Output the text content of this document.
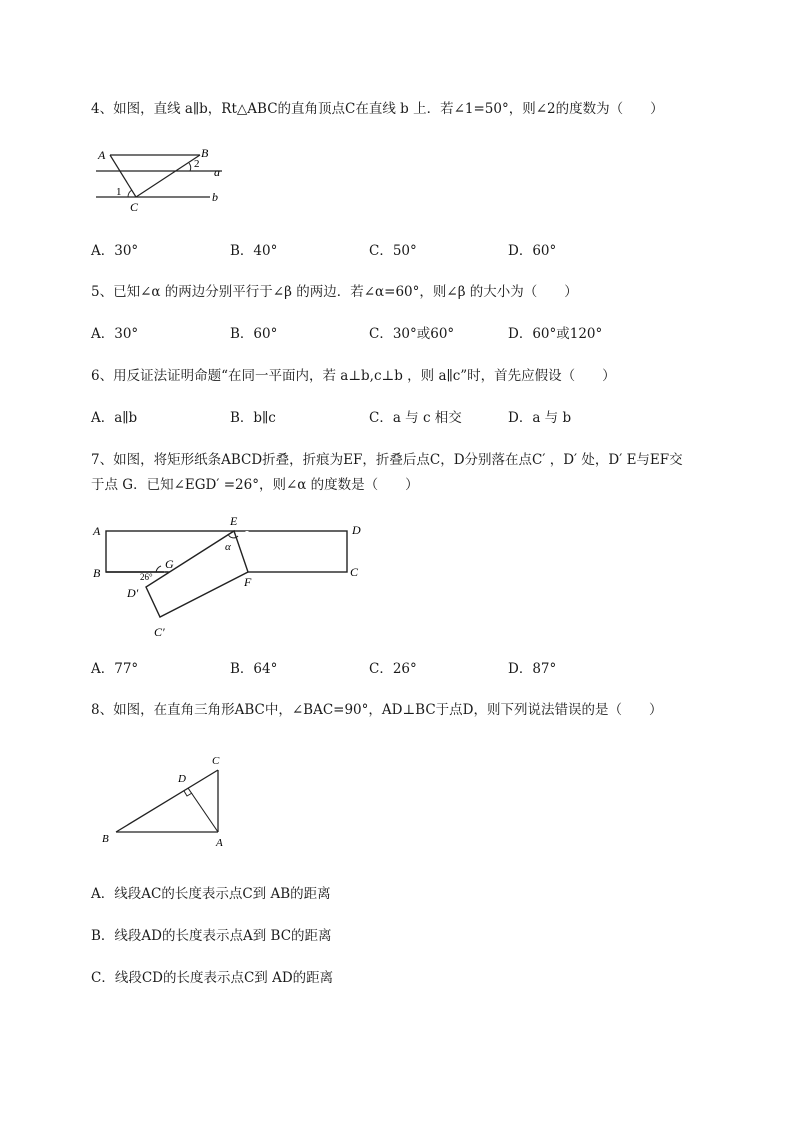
4、如图，直线 a∥b，Rt△ABC的直角顶点C在直线 b 上．若∠1=50°，则∠2的度数为（　　）
A	B
C
a
b
1
2
A．30°	B．40°	C．50°	D．60°
5、已知∠α 的两边分别平行于∠β 的两边．若∠α=60°，则∠β 的大小为（　　）
A．30°	B．60°	C．30°或60°	D．60°或120°
6、用反证法证明命题“在同一平面内，若 a⊥b,c⊥b ，则 a∥c”时，首先应假设（　　）
A．a∥b	B．b∥c	C．a 与 c 相交	D．a 与 b
7、如图，将矩形纸条ABCD折叠，折痕为EF，折叠后点C，D分别落在点C′ ，D′ 处，D′ E与EF交
于点 G．已知∠EGD′ =26°，则∠α 的度数是（　　）
A	D
B	C
E
F
G
D′
C′
26°
α
A．77°	B．64°	C．26°	D．87°
8、如图，在直角三角形ABC中，∠BAC=90°，AD⊥BC于点D，则下列说法错误的是（　　）
B	A
C
D
A．线段AC的长度表示点C到 AB的距离
B．线段AD的长度表示点A到 BC的距离
C．线段CD的长度表示点C到 AD的距离
